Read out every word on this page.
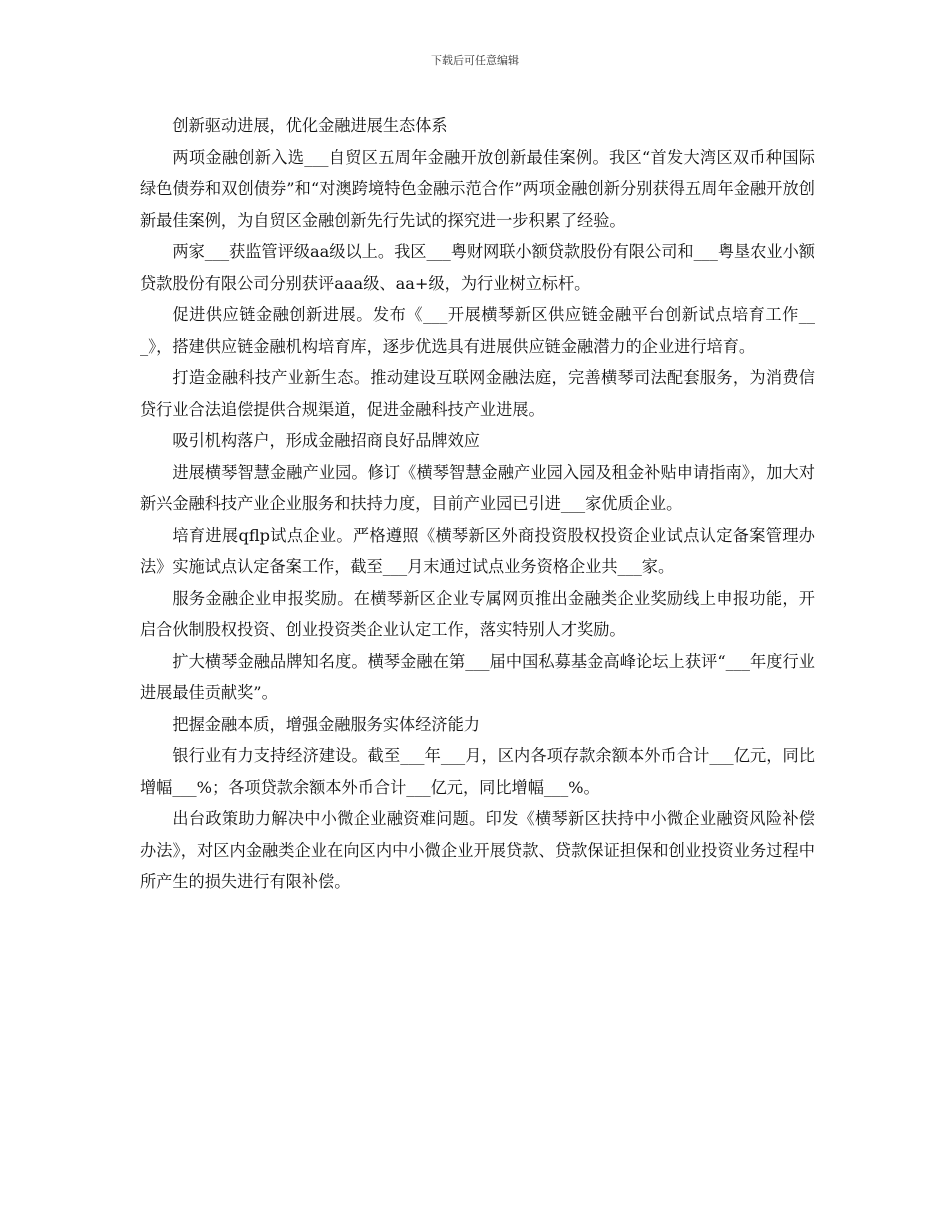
下载后可任意编辑

创新驱动进展，优化金融进展生态体系

两项金融创新入选___自贸区五周年金融开放创新最佳案例。我区“首发大湾区双币种国际绿色债券和双创债券”和“对澳跨境特色金融示范合作”两项金融创新分别获得五周年金融开放创新最佳案例，为自贸区金融创新先行先试的探究进一步积累了经验。

两家___获监管评级aa级以上。我区___粤财网联小额贷款股份有限公司和___粤垦农业小额贷款股份有限公司分别获评aaa级、aa+级，为行业树立标杆。

促进供应链金融创新进展。发布《___开展横琴新区供应链金融平台创新试点培育工作___》，搭建供应链金融机构培育库，逐步优选具有进展供应链金融潜力的企业进行培育。

打造金融科技产业新生态。推动建设互联网金融法庭，完善横琴司法配套服务，为消费信贷行业合法追偿提供合规渠道，促进金融科技产业进展。

吸引机构落户，形成金融招商良好品牌效应

进展横琴智慧金融产业园。修订《横琴智慧金融产业园入园及租金补贴申请指南》，加大对新兴金融科技产业企业服务和扶持力度，目前产业园已引进___家优质企业。

培育进展qflp试点企业。严格遵照《横琴新区外商投资股权投资企业试点认定备案管理办法》实施试点认定备案工作，截至___月末通过试点业务资格企业共___家。

服务金融企业申报奖励。在横琴新区企业专属网页推出金融类企业奖励线上申报功能，开启合伙制股权投资、创业投资类企业认定工作，落实特别人才奖励。

扩大横琴金融品牌知名度。横琴金融在第___届中国私募基金高峰论坛上获评“___年度行业进展最佳贡献奖”。

把握金融本质，增强金融服务实体经济能力

银行业有力支持经济建设。截至___年___月，区内各项存款余额本外币合计___亿元，同比增幅___%；各项贷款余额本外币合计___亿元，同比增幅___%。

出台政策助力解决中小微企业融资难问题。印发《横琴新区扶持中小微企业融资风险补偿办法》，对区内金融类企业在向区内中小微企业开展贷款、贷款保证担保和创业投资业务过程中所产生的损失进行有限补偿。
